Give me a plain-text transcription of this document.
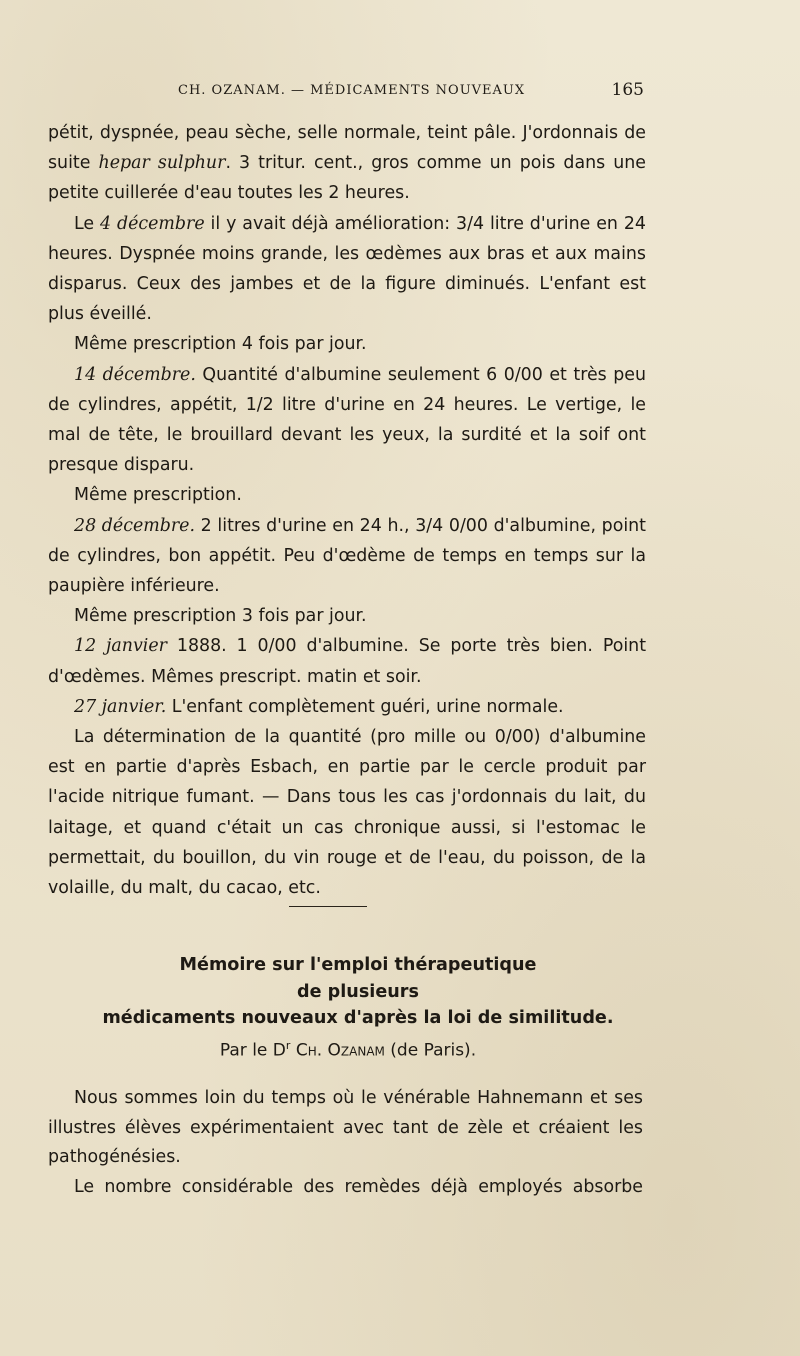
CH. OZANAM. — MÉDICAMENTS NOUVEAUX	165

pétit, dyspnée, peau sèche, selle normale, teint pâle. J'ordonnais de suite hepar sulphur. 3 tritur. cent., gros comme un pois dans une petite cuillerée d'eau toutes les 2 heures.

Le 4 décembre il y avait déjà amélioration: 3/4 litre d'urine en 24 heures. Dyspnée moins grande, les œdèmes aux bras et aux mains disparus. Ceux des jambes et de la figure diminués. L'enfant est plus éveillé.

Même prescription 4 fois par jour.

14 décembre. Quantité d'albumine seulement 6 0/00 et très peu de cylindres, appétit, 1/2 litre d'urine en 24 heures. Le vertige, le mal de tête, le brouillard devant les yeux, la surdité et la soif ont presque disparu.

Même prescription.

28 décembre. 2 litres d'urine en 24 h., 3/4 0/00 d'albumine, point de cylindres, bon appétit. Peu d'œdème de temps en temps sur la paupière inférieure.

Même prescription 3 fois par jour.

12 janvier 1888. 1 0/00 d'albumine. Se porte très bien. Point d'œdèmes. Mêmes prescript. matin et soir.

27 janvier. L'enfant complètement guéri, urine normale.

La détermination de la quantité (pro mille ou 0/00) d'albumine est en partie d'après Esbach, en partie par le cercle produit par l'acide nitrique fumant. — Dans tous les cas j'ordonnais du lait, du laitage, et quand c'était un cas chronique aussi, si l'estomac le permettait, du bouillon, du vin rouge et de l'eau, du poisson, de la volaille, du malt, du cacao, etc.

Mémoire sur l'emploi thérapeutique
de plusieurs
médicaments nouveaux d'après la loi de similitude.
Par le $D^r$ Ch. Ozanam (de Paris).

Nous sommes loin du temps où le vénérable Hahnemann et ses illustres élèves expérimentaient avec tant de zèle et créaient les pathogénésies.

Le nombre considérable des remèdes déjà employés absorbe
